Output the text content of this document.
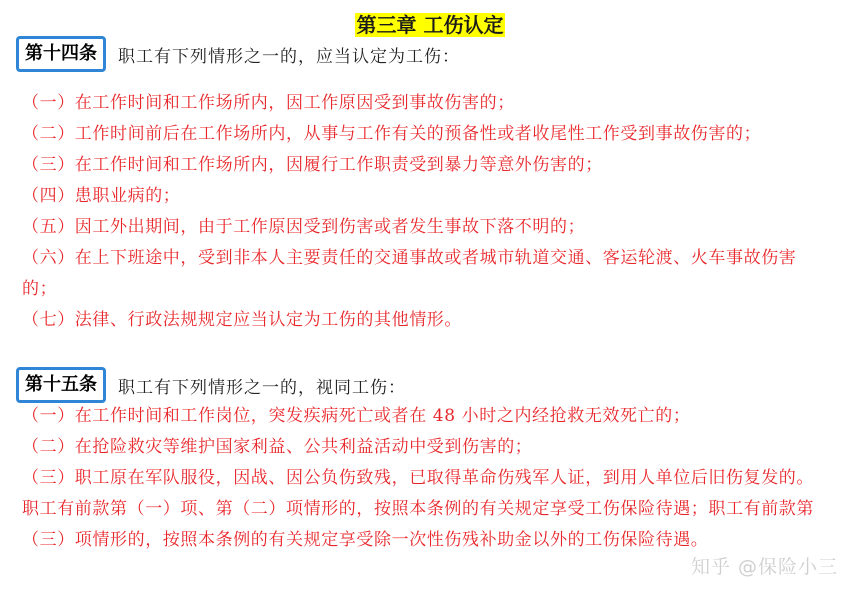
第三章 工伤认定
第十四条	职工有下列情形之一的，应当认定为工伤：
（一）在工作时间和工作场所内，因工作原因受到事故伤害的；
（二）工作时间前后在工作场所内，从事与工作有关的预备性或者收尾性工作受到事故伤害的；
（三）在工作时间和工作场所内，因履行工作职责受到暴力等意外伤害的；
（四）患职业病的；
（五）因工外出期间，由于工作原因受到伤害或者发生事故下落不明的；
（六）在上下班途中，受到非本人主要责任的交通事故或者城市轨道交通、客运轮渡、火车事故伤害的；
（七）法律、行政法规规定应当认定为工伤的其他情形。
第十五条	职工有下列情形之一的，视同工伤：
（一）在工作时间和工作岗位，突发疾病死亡或者在 48 小时之内经抢救无效死亡的；
（二）在抢险救灾等维护国家利益、公共利益活动中受到伤害的；
（三）职工原在军队服役，因战、因公负伤致残，已取得革命伤残军人证，到用人单位后旧伤复发的。职工有前款第（一）项、第（二）项情形的，按照本条例的有关规定享受工伤保险待遇；职工有前款第（三）项情形的，按照本条例的有关规定享受除一次性伤残补助金以外的工伤保险待遇。
知乎 @保险小三
